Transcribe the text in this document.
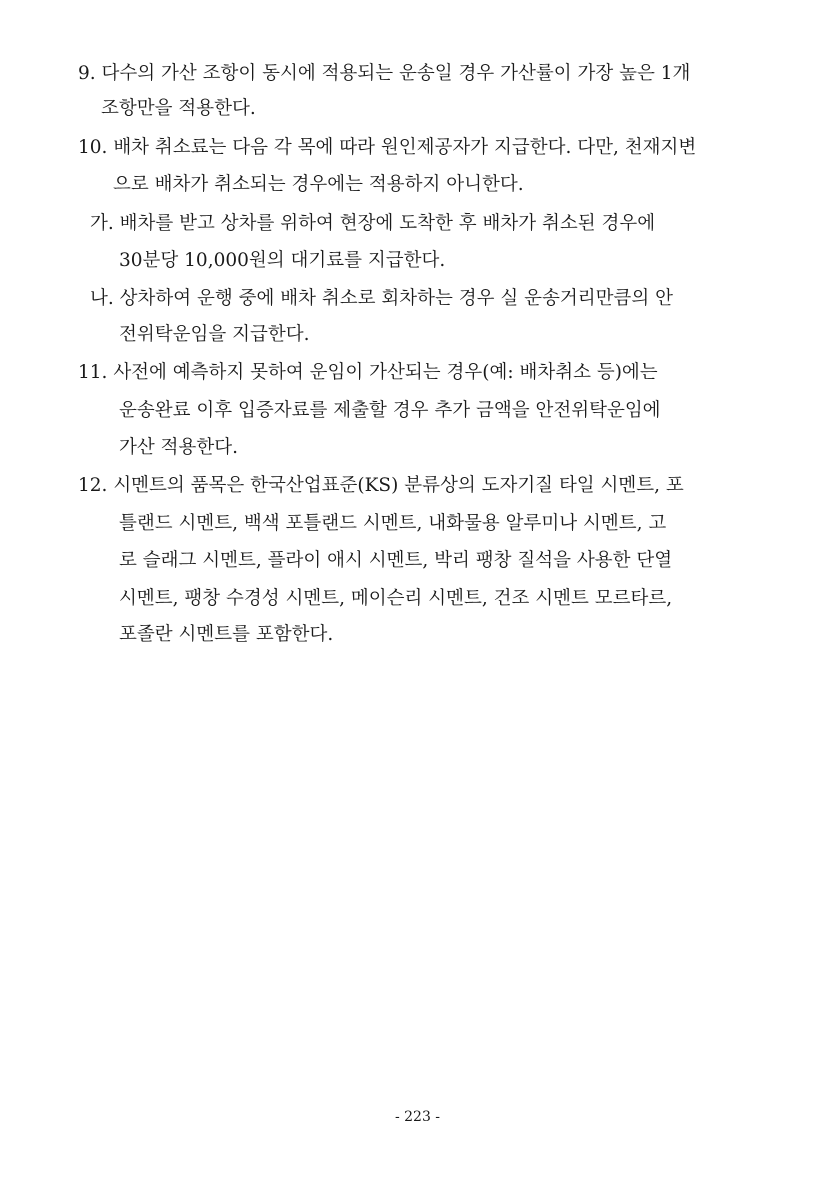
9. 다수의 가산 조항이 동시에 적용되는 운송일 경우 가산률이 가장 높은 1개
조항만을 적용한다.
10. 배차 취소료는 다음 각 목에 따라 원인제공자가 지급한다. 다만, 천재지변
으로 배차가 취소되는 경우에는 적용하지 아니한다.
가. 배차를 받고 상차를 위하여 현장에 도착한 후 배차가 취소된 경우에
30분당 10,000원의 대기료를 지급한다.
나. 상차하여 운행 중에 배차 취소로 회차하는 경우 실 운송거리만큼의 안
전위탁운임을 지급한다.
11. 사전에 예측하지 못하여 운임이 가산되는 경우(예: 배차취소 등)에는
운송완료 이후 입증자료를 제출할 경우 추가 금액을 안전위탁운임에
가산 적용한다.
12. 시멘트의 품목은 한국산업표준(KS) 분류상의 도자기질 타일 시멘트, 포
틀랜드 시멘트, 백색 포틀랜드 시멘트, 내화물용 알루미나 시멘트, 고
로 슬래그 시멘트, 플라이 애시 시멘트, 박리 팽창 질석을 사용한 단열
시멘트, 팽창 수경성 시멘트, 메이슨리 시멘트, 건조 시멘트 모르타르,
포졸란 시멘트를 포함한다.
- 223 -
